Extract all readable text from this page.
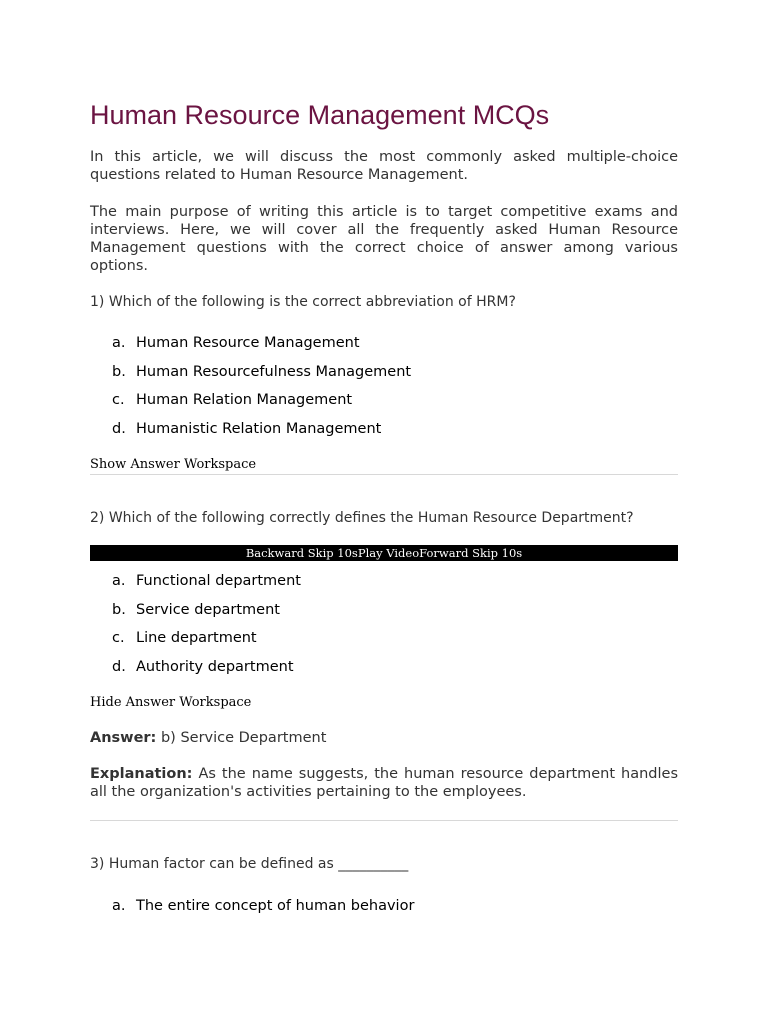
Human Resource Management MCQs

In this article, we will discuss the most commonly asked multiple-choice questions related to Human Resource Management.

The main purpose of writing this article is to target competitive exams and interviews. Here, we will cover all the frequently asked Human Resource Management questions with the correct choice of answer among various options.

1) Which of the following is the correct abbreviation of HRM?

a. Human Resource Management
b. Human Resourcefulness Management
c. Human Relation Management
d. Humanistic Relation Management

Show Answer Workspace

2) Which of the following correctly defines the Human Resource Department?

Backward Skip 10sPlay VideoForward Skip 10s
a. Functional department
b. Service department
c. Line department
d. Authority department

Hide Answer Workspace

Answer: b) Service Department

Explanation: As the name suggests, the human resource department handles all the organization's activities pertaining to the employees.

3) Human factor can be defined as __________

a. The entire concept of human behavior
